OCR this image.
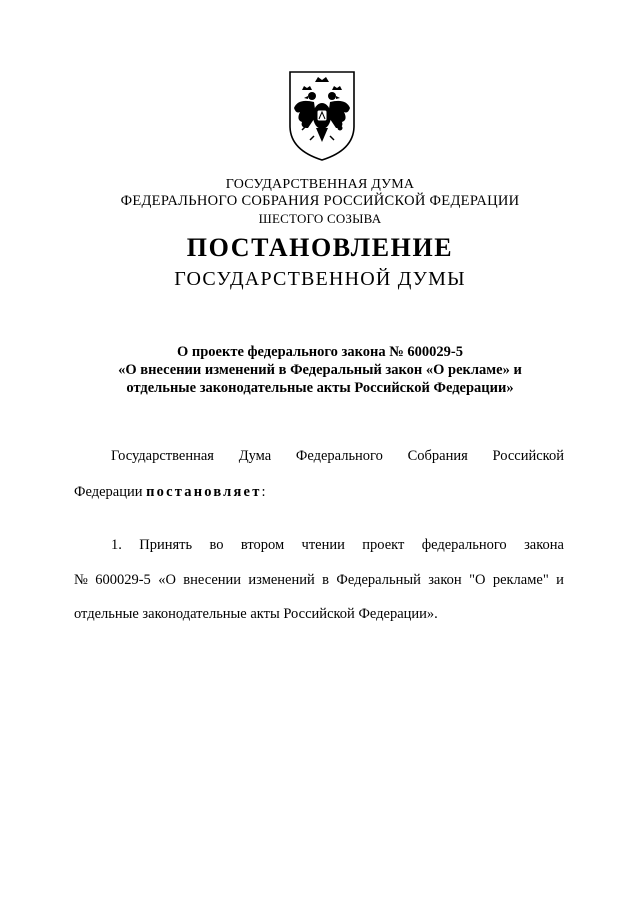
ГОСУДАРСТВЕННАЯ ДУМА
ФЕДЕРАЛЬНОГО СОБРАНИЯ РОССИЙСКОЙ ФЕДЕРАЦИИ
ШЕСТОГО СОЗЫВА
ПОСТАНОВЛЕНИЕ
ГОСУДАРСТВЕННОЙ ДУМЫ
О проекте федерального закона № 600029-5
«О внесении изменений в Федеральный закон «О рекламе» и
отдельные законодательные акты Российской Федерации»
Государственная Дума Федерального Собрания Российской
Федерации постановляет:
1. Принять во втором чтении проект федерального закона
№ 600029-5 «О внесении изменений в Федеральный закон "О рекламе" и
отдельные законодательные акты Российской Федерации».
